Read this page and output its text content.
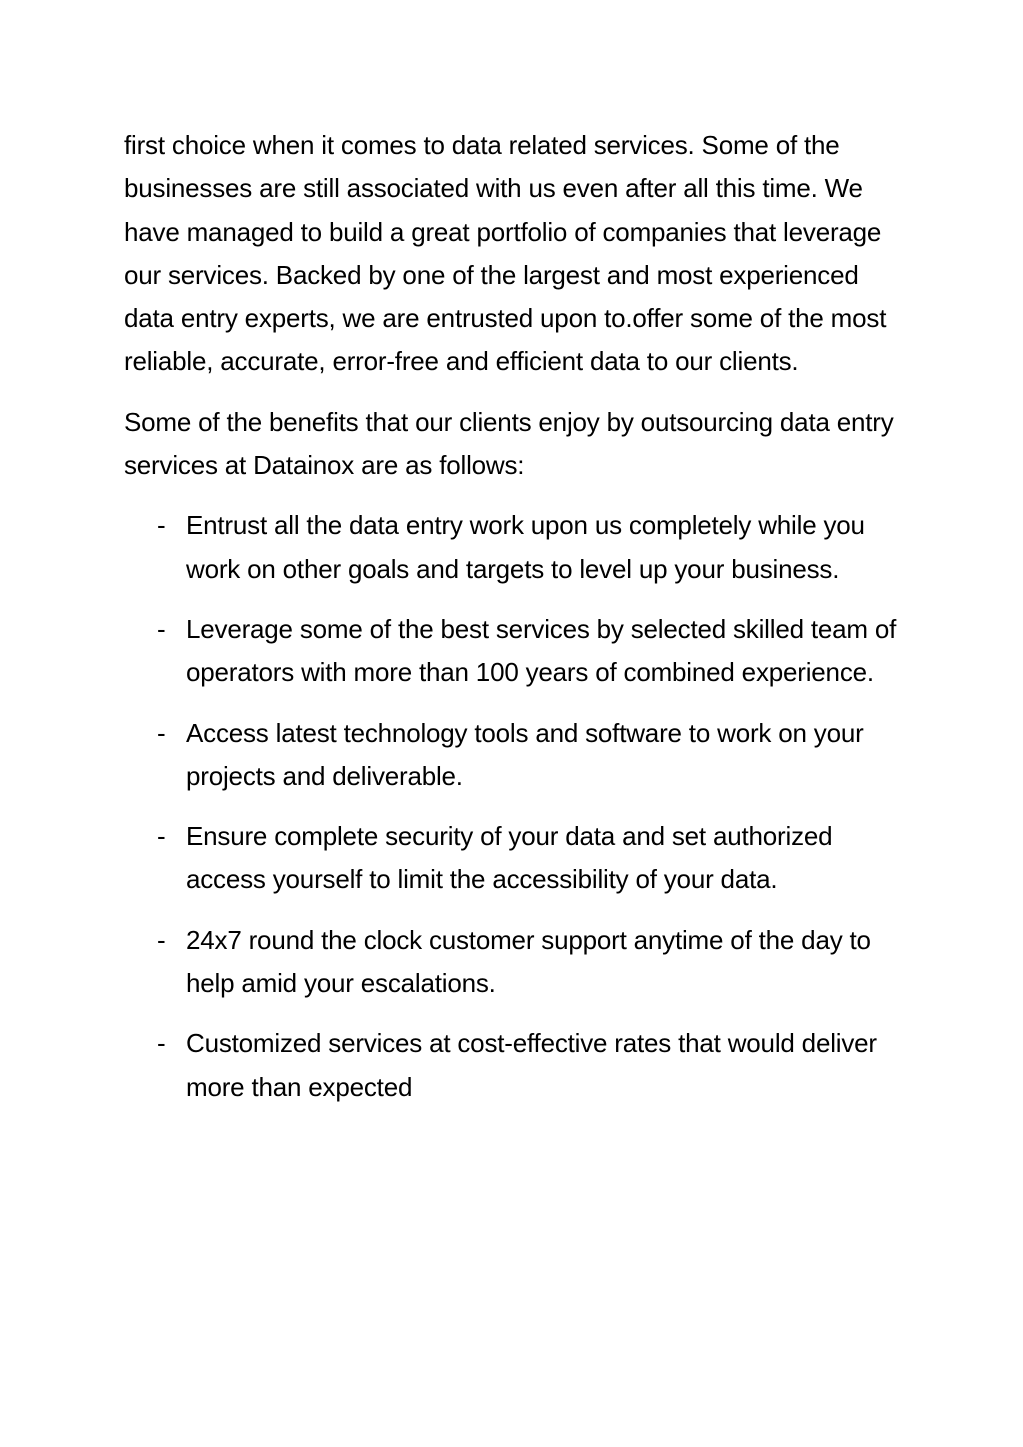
first choice when it comes to data related services. Some of the businesses are still associated with us even after all this time. We have managed to build a great portfolio of companies that leverage our services. Backed by one of the largest and most experienced data entry experts, we are entrusted upon to.offer some of the most reliable, accurate, error-free and efficient data to our clients.

Some of the benefits that our clients enjoy by outsourcing data entry services at Datainox are as follows:

- Entrust all the data entry work upon us completely while you work on other goals and targets to level up your business.
- Leverage some of the best services by selected skilled team of operators with more than 100 years of combined experience.
- Access latest technology tools and software to work on your projects and deliverable.
- Ensure complete security of your data and set authorized access yourself to limit the accessibility of your data.
- 24x7 round the clock customer support anytime of the day to help amid your escalations.
- Customized services at cost-effective rates that would deliver more than expected
